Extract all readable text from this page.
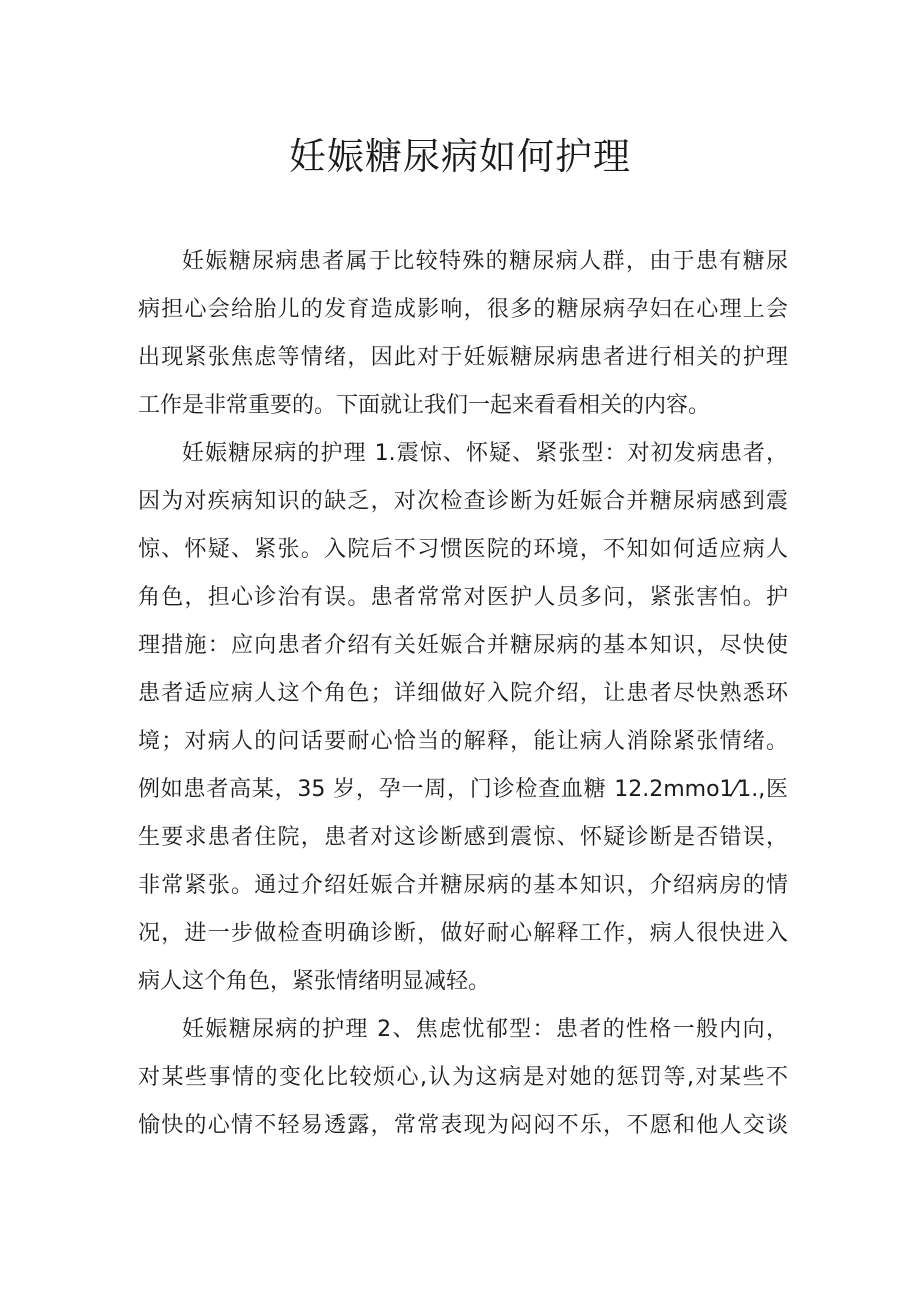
妊娠糖尿病如何护理

妊娠糖尿病患者属于比较特殊的糖尿病人群，由于患有糖尿
病担心会给胎儿的发育造成影响，很多的糖尿病孕妇在心理上会
出现紧张焦虑等情绪，因此对于妊娠糖尿病患者进行相关的护理
工作是非常重要的。下面就让我们一起来看看相关的内容。

妊娠糖尿病的护理 1.震惊、怀疑、紧张型：对初发病患者，
因为对疾病知识的缺乏，对次检查诊断为妊娠合并糖尿病感到震
惊、怀疑、紧张。入院后不习惯医院的环境，不知如何适应病人
角色，担心诊治有误。患者常常对医护人员多问，紧张害怕。护
理措施：应向患者介绍有关妊娠合并糖尿病的基本知识，尽快使
患者适应病人这个角色；详细做好入院介绍，让患者尽快熟悉环
境；对病人的问话要耐心恰当的解释，能让病人消除紧张情绪。
例如患者高某，35 岁，孕一周，门诊检查血糖 12.2mmo1⁄1.,医
生要求患者住院，患者对这诊断感到震惊、怀疑诊断是否错误，
非常紧张。通过介绍妊娠合并糖尿病的基本知识，介绍病房的情
况，进一步做检查明确诊断，做好耐心解释工作，病人很快进入
病人这个角色，紧张情绪明显减轻。

妊娠糖尿病的护理 2、焦虑忧郁型：患者的性格一般内向，
对某些事情的变化比较烦心,认为这病是对她的惩罚等,对某些不
愉快的心情不轻易透露，常常表现为闷闷不乐，不愿和他人交谈
